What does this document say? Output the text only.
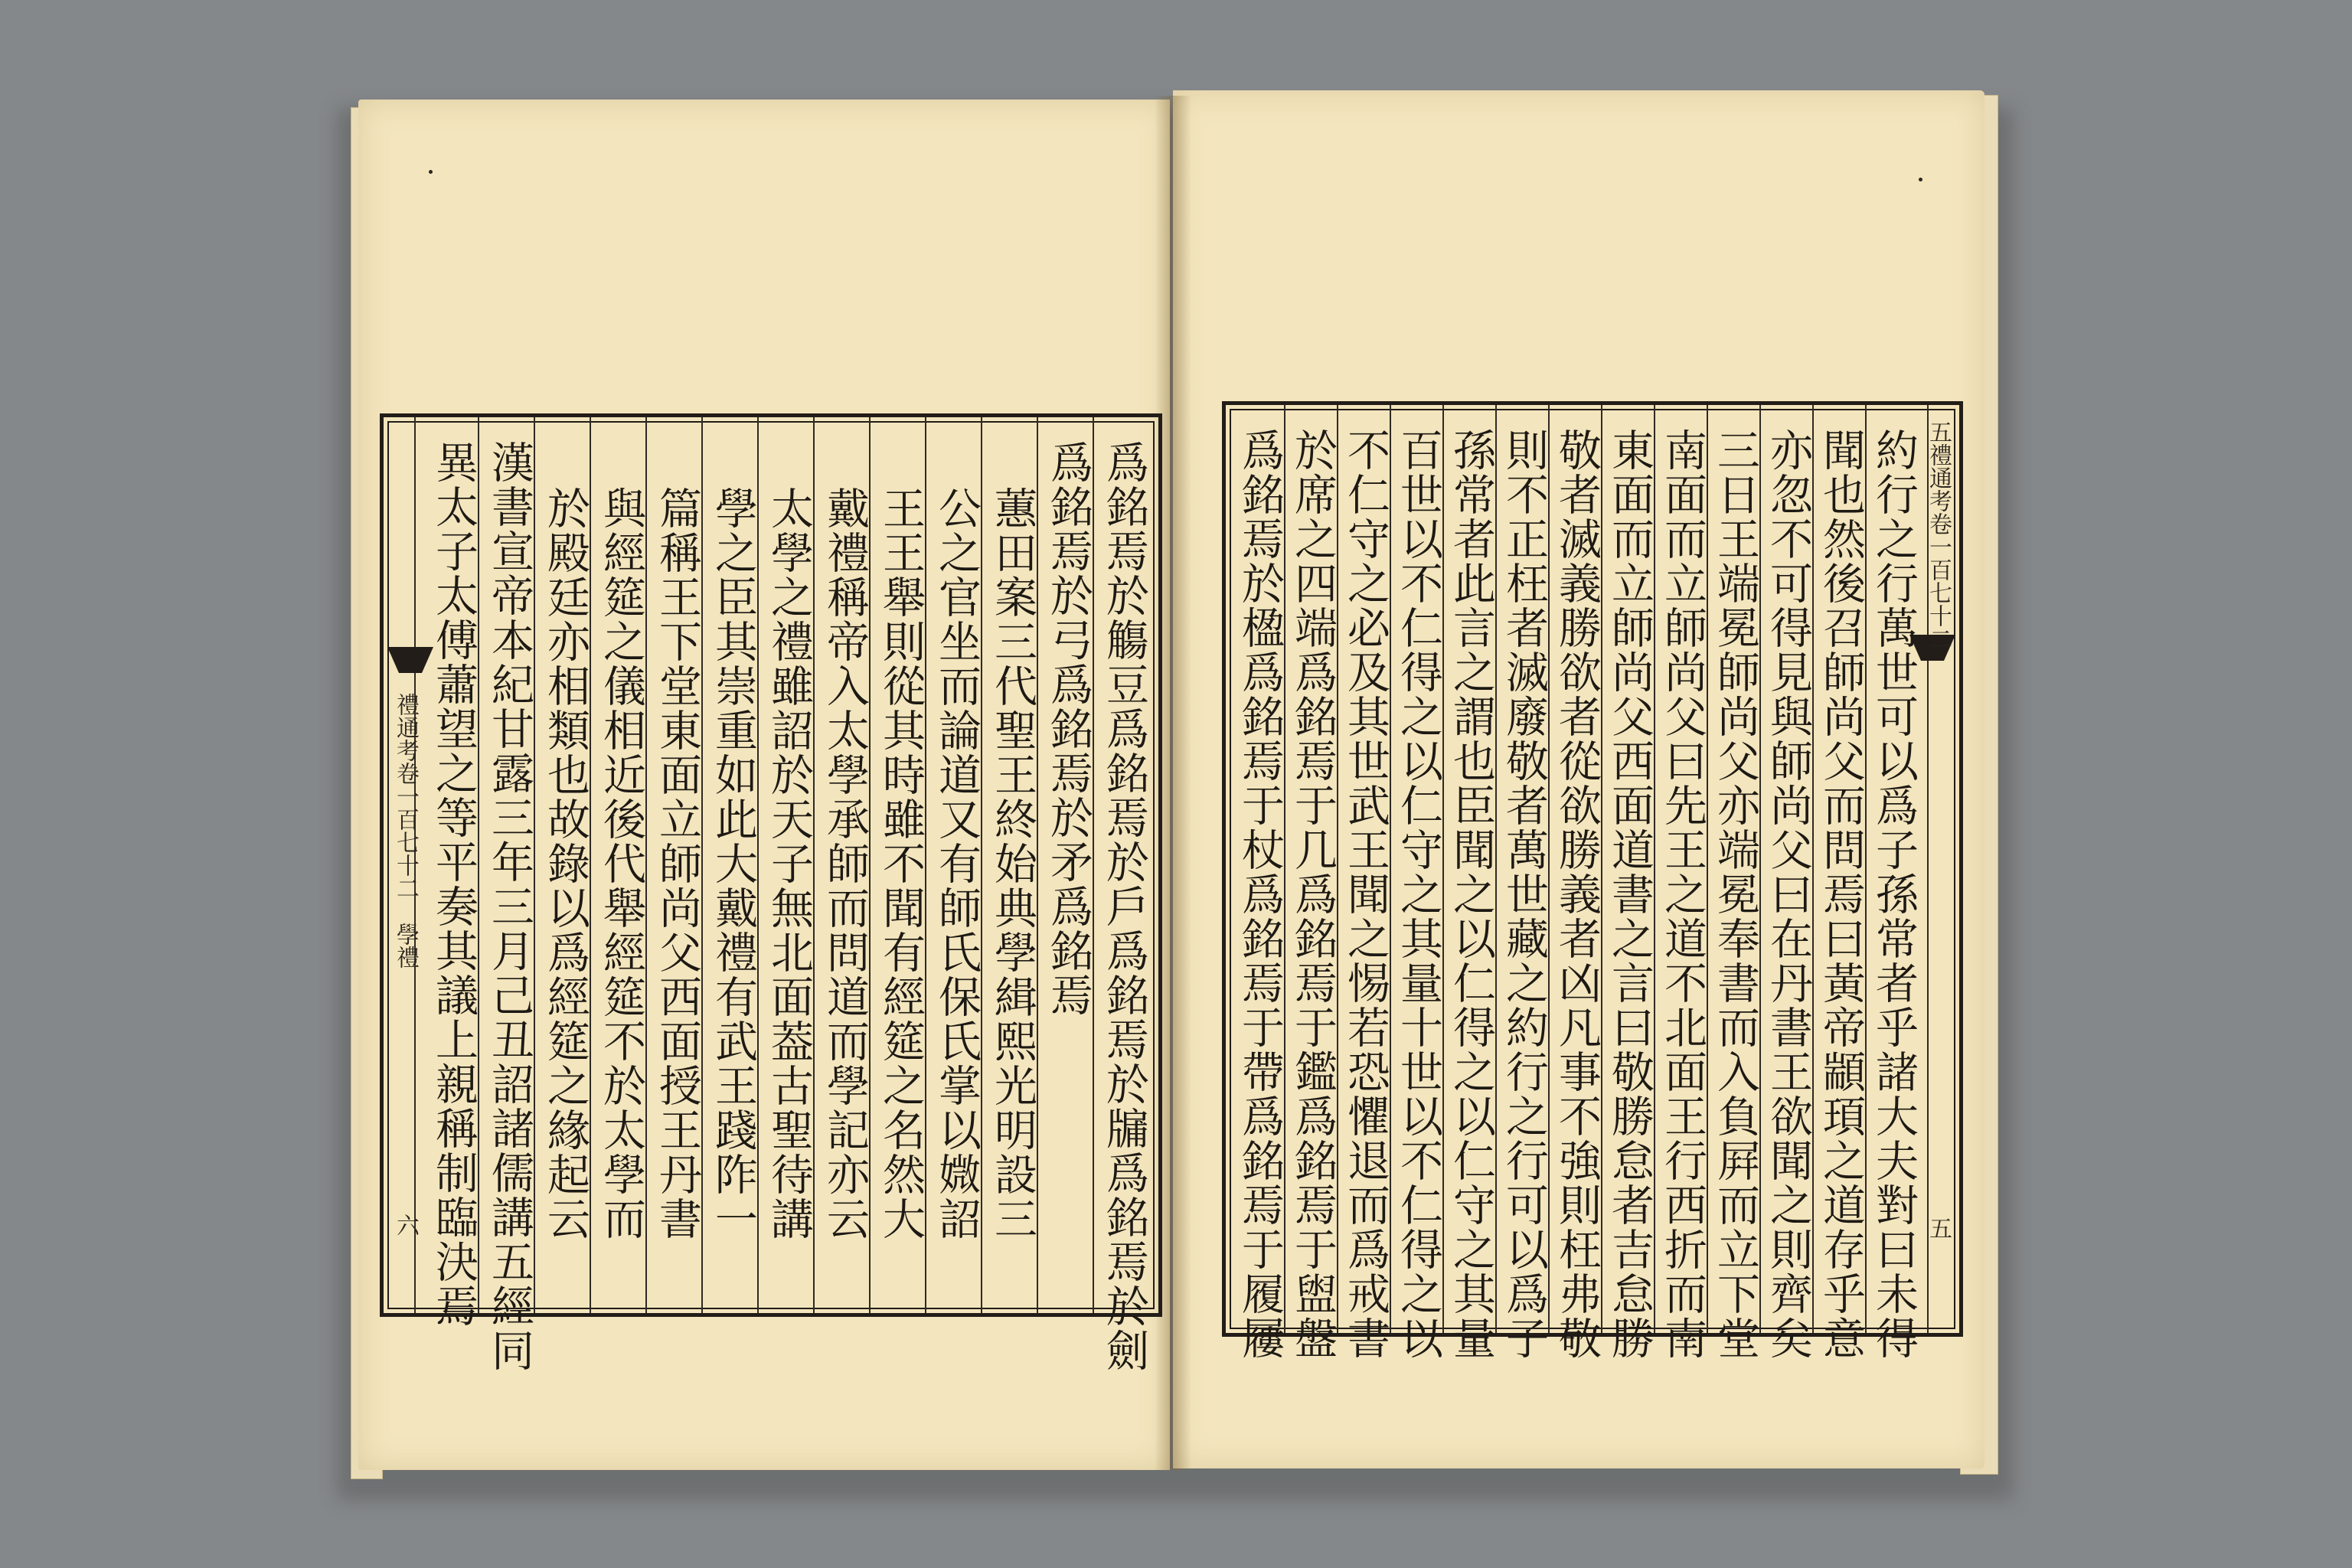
禮通考卷一百七十二
學禮
六	爲銘焉於觴豆爲銘焉於戶爲銘焉於牖爲銘焉於劍
爲銘焉於弓爲銘焉於矛爲銘焉
蕙田案三代聖王終始典學緝熙光明設三
公之官坐而論道又有師氏保氏掌以媺詔
王王舉則從其時雖不聞有經筵之名然大
戴禮稱帝入太學承師而問道而學記亦云
太學之禮雖詔於天子無北面葢古聖待講
學之臣其崇重如此大戴禮有武王踐阼一
篇稱王下堂東面立師尚父西面授王丹書
與經筵之儀相近後代舉經筵不於太學而
於殿廷亦相類也故錄以爲經筵之緣起云
漢書宣帝本紀甘露三年三月己丑詔諸儒講五經同
異太子太傅蕭望之等平奏其議上親稱制臨決焉	五禮通考卷一百七十二
五
約行之行萬世可以爲子孫常者乎諸大夫對曰未得
聞也然後召師尚父而問焉曰黃帝顓頊之道存乎意
亦忽不可得見與師尚父曰在丹書王欲聞之則齊矣
三日王端冕師尚父亦端冕奉書而入負屛而立下堂
南面而立師尚父曰先王之道不北面王行西折而南
東面而立師尚父西面道書之言曰敬勝怠者吉怠勝
敬者滅義勝欲者從欲勝義者凶凡事不強則枉弗敬
則不正枉者滅廢敬者萬世藏之約行之行可以爲子
孫常者此言之謂也臣聞之以仁得之以仁守之其量
百世以不仁得之以仁守之其量十世以不仁得之以
不仁守之必及其世武王聞之惕若恐懼退而爲戒書
於席之四端爲銘焉于几爲銘焉于鑑爲銘焉于盥盤
爲銘焉於楹爲銘焉于杖爲銘焉于帶爲銘焉于履屨
